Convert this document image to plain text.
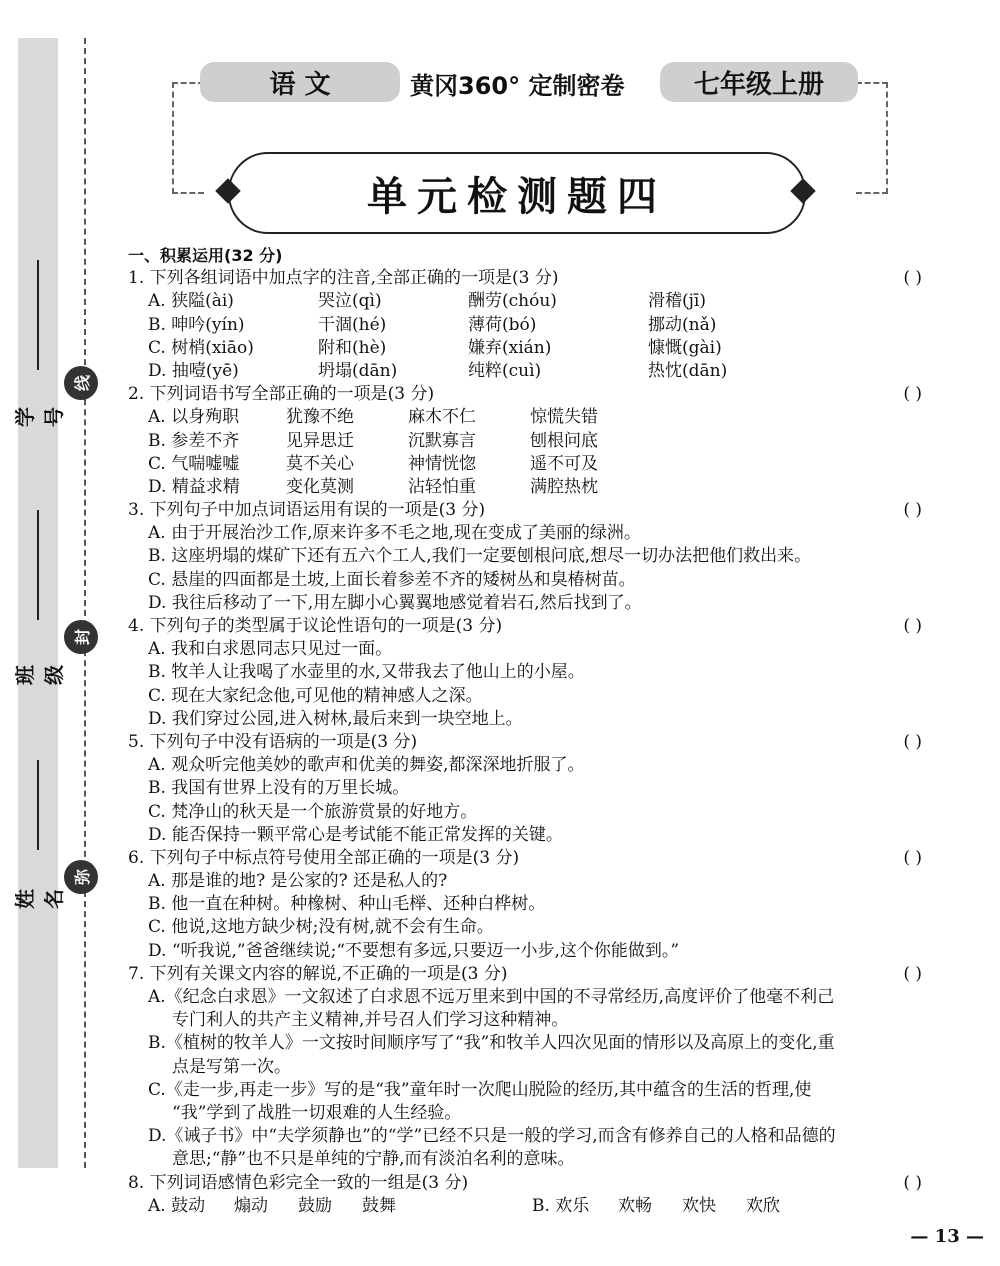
姓名
班级
学号
弥
封
线
语 文	黄冈360° 定制密卷	七年级上册
单元检测题四
一、积累运用(32 分)
1. 下列各组词语中加点字的注音,全部正确的一项是(3 分)	( )
A. 狭隘(ài)	哭泣(qì)	酬劳(chóu)	滑稽(jī)
B. 呻吟(yín)	干涸(hé)	薄荷(bó)	挪动(nǎ)
C. 树梢(xiāo)	附和(hè)	嫌弃(xián)	慷慨(gài)
D. 抽噎(yē)	坍塌(dān)	纯粹(cuì)	热忱(dān)
2. 下列词语书写全部正确的一项是(3 分)	( )
A. 以身殉职	犹豫不绝	麻木不仁	惊慌失错
B. 参差不齐	见异思迁	沉默寡言	刨根问底
C. 气喘嘘嘘	莫不关心	神情恍惚	遥不可及
D. 精益求精	变化莫测	沾轻怕重	满腔热枕
3. 下列句子中加点词语运用有误的一项是(3 分)	( )
A. 由于开展治沙工作,原来许多不毛之地,现在变成了美丽的绿洲。
B. 这座坍塌的煤矿下还有五六个工人,我们一定要刨根问底,想尽一切办法把他们救出来。
C. 悬崖的四面都是土坡,上面长着参差不齐的矮树丛和臭椿树苗。
D. 我往后移动了一下,用左脚小心翼翼地感觉着岩石,然后找到了。
4. 下列句子的类型属于议论性语句的一项是(3 分)	( )
A. 我和白求恩同志只见过一面。
B. 牧羊人让我喝了水壶里的水,又带我去了他山上的小屋。
C. 现在大家纪念他,可见他的精神感人之深。
D. 我们穿过公园,进入树林,最后来到一块空地上。
5. 下列句子中没有语病的一项是(3 分)	( )
A. 观众听完他美妙的歌声和优美的舞姿,都深深地折服了。
B. 我国有世界上没有的万里长城。
C. 梵净山的秋天是一个旅游赏景的好地方。
D. 能否保持一颗平常心是考试能不能正常发挥的关键。
6. 下列句子中标点符号使用全部正确的一项是(3 分)	( )
A. 那是谁的地? 是公家的? 还是私人的?
B. 他一直在种树。种橡树、种山毛榉、还种白桦树。
C. 他说,这地方缺少树;没有树,就不会有生命。
D. “听我说,”爸爸继续说;“不要想有多远,只要迈一小步,这个你能做到。”
7. 下列有关课文内容的解说,不正确的一项是(3 分)	( )
A.《纪念白求恩》一文叙述了白求恩不远万里来到中国的不寻常经历,高度评价了他毫不利己
专门利人的共产主义精神,并号召人们学习这种精神。
B.《植树的牧羊人》一文按时间顺序写了“我”和牧羊人四次见面的情形以及高原上的变化,重
点是写第一次。
C.《走一步,再走一步》写的是“我”童年时一次爬山脱险的经历,其中蕴含的生活的哲理,使
“我”学到了战胜一切艰难的人生经验。
D.《诫子书》中“夫学须静也”的“学”已经不只是一般的学习,而含有修养自己的人格和品德的
意思;“静”也不只是单纯的宁静,而有淡泊名利的意味。
8. 下列词语感情色彩完全一致的一组是(3 分)	( )
A. 鼓动 煽动 鼓励 鼓舞	B. 欢乐 欢畅 欢快 欢欣
— 13 —
